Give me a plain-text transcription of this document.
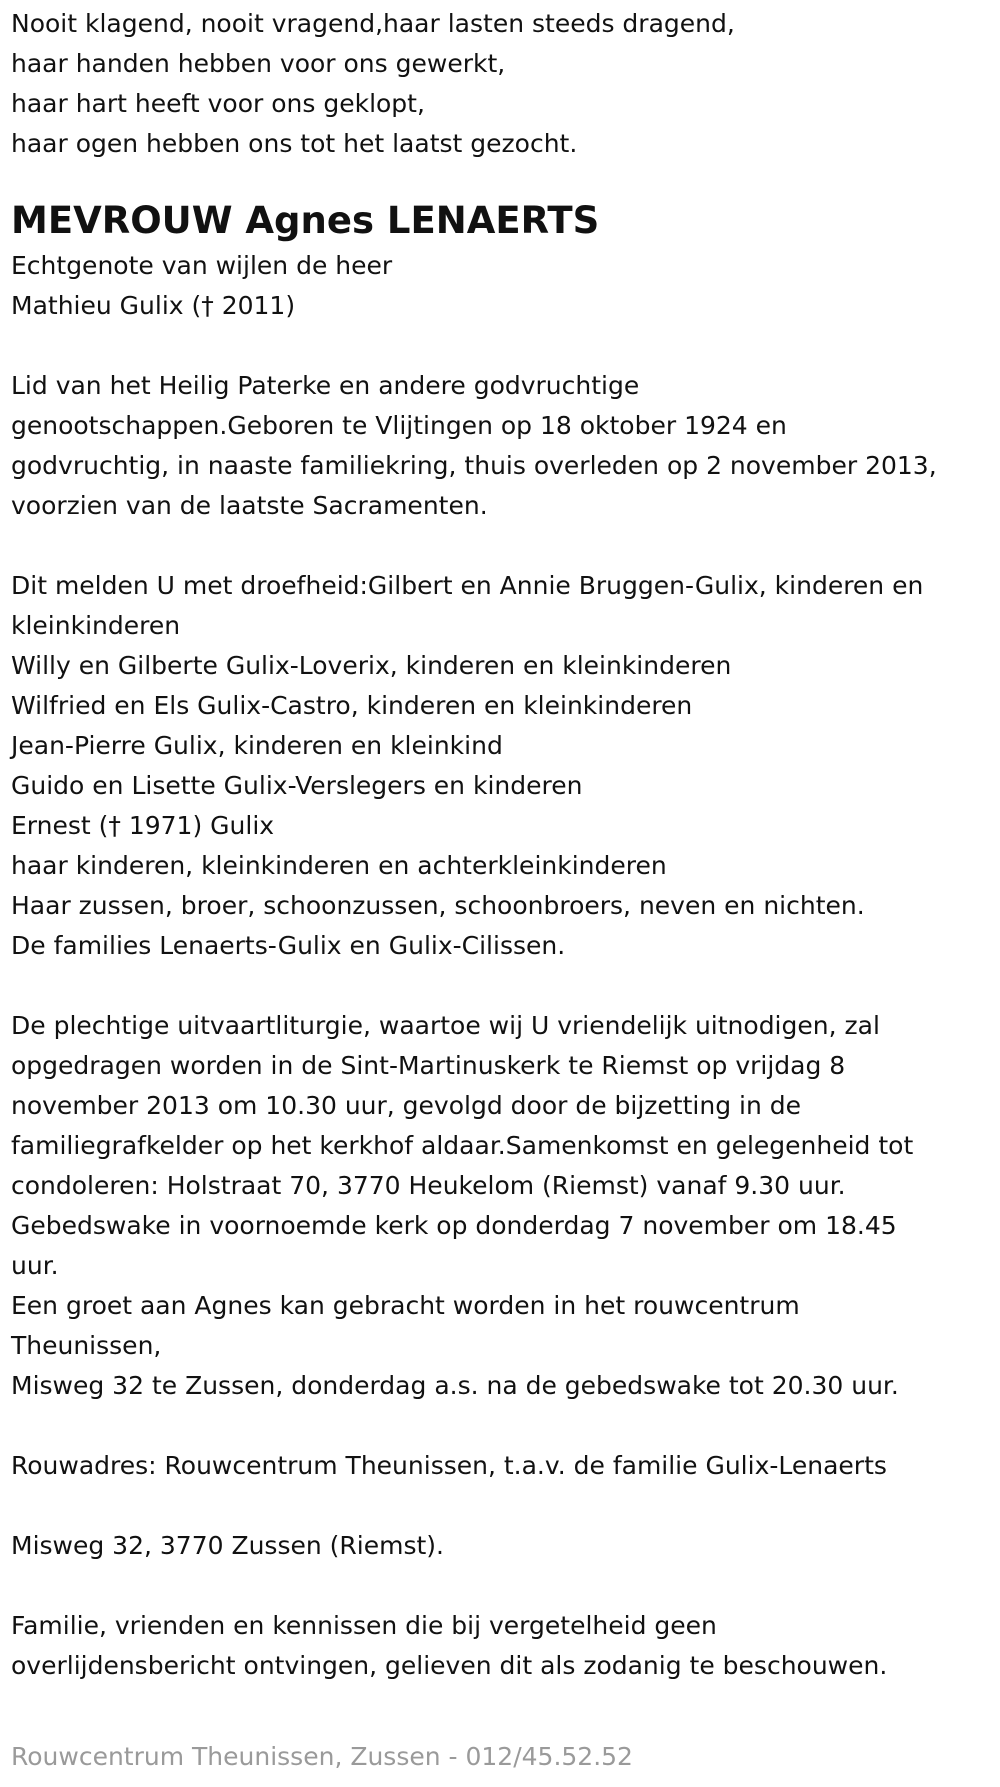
Nooit klagend, nooit vragend,haar lasten steeds dragend,
haar handen hebben voor ons gewerkt,
haar hart heeft voor ons geklopt,
haar ogen hebben ons tot het laatst gezocht.
MEVROUW Agnes LENAERTS
Echtgenote van wijlen de heer
Mathieu Gulix († 2011)
Lid van het Heilig Paterke en andere godvruchtige
genootschappen.Geboren te Vlijtingen op 18 oktober 1924 en
godvruchtig, in naaste familiekring, thuis overleden op 2 november 2013,
voorzien van de laatste Sacramenten.
Dit melden U met droefheid:Gilbert en Annie Bruggen-Gulix, kinderen en
kleinkinderen
Willy en Gilberte Gulix-Loverix, kinderen en kleinkinderen
Wilfried en Els Gulix-Castro, kinderen en kleinkinderen
Jean-Pierre Gulix, kinderen en kleinkind
Guido en Lisette Gulix-Verslegers en kinderen
Ernest († 1971) Gulix
haar kinderen, kleinkinderen en achterkleinkinderen
Haar zussen, broer, schoonzussen, schoonbroers, neven en nichten.
De families Lenaerts-Gulix en Gulix-Cilissen.
De plechtige uitvaartliturgie, waartoe wij U vriendelijk uitnodigen, zal
opgedragen worden in de Sint-Martinuskerk te Riemst op vrijdag 8
november 2013 om 10.30 uur, gevolgd door de bijzetting in de
familiegrafkelder op het kerkhof aldaar.Samenkomst en gelegenheid tot
condoleren: Holstraat 70, 3770 Heukelom (Riemst) vanaf 9.30 uur.
Gebedswake in voornoemde kerk op donderdag 7 november om 18.45
uur.
Een groet aan Agnes kan gebracht worden in het rouwcentrum
Theunissen,
Misweg 32 te Zussen, donderdag a.s. na de gebedswake tot 20.30 uur.
Rouwadres: Rouwcentrum Theunissen, t.a.v. de familie Gulix-Lenaerts
Misweg 32, 3770 Zussen (Riemst).
Familie, vrienden en kennissen die bij vergetelheid geen
overlijdensbericht ontvingen, gelieven dit als zodanig te beschouwen.
Rouwcentrum Theunissen, Zussen - 012/45.52.52
